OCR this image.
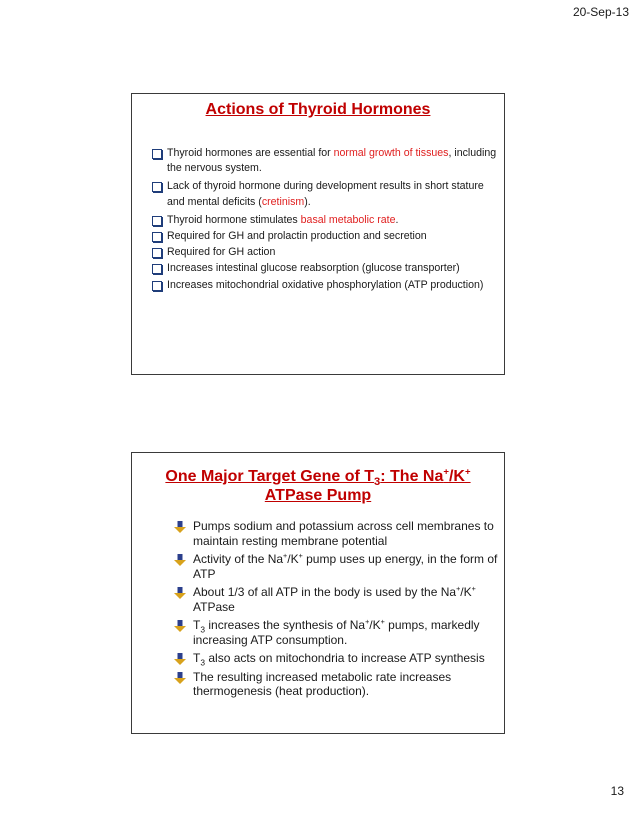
20-Sep-13
Actions of Thyroid Hormones
Thyroid hormones are essential for normal growth of tissues, including the nervous system.
Lack of thyroid hormone during development results in short stature and mental deficits (cretinism).
Thyroid hormone stimulates basal metabolic rate.
Required for GH and prolactin production and secretion
Required for GH action
Increases intestinal glucose reabsorption (glucose transporter)
Increases mitochondrial oxidative phosphorylation (ATP production)
One Major Target Gene of $T_3$: The Na+/K+
ATPase Pump
Pumps sodium and potassium across cell membranes to maintain resting membrane potential
Activity of the Na+/K+ pump uses up energy, in the form of ATP
About 1/3 of all ATP in the body is used by the Na+/K+ ATPase
$T_3$ increases the synthesis of Na+/K+ pumps, markedly increasing ATP consumption.
$T_3$ also acts on mitochondria to increase ATP synthesis
The resulting increased metabolic rate increases thermogenesis (heat production).
13
